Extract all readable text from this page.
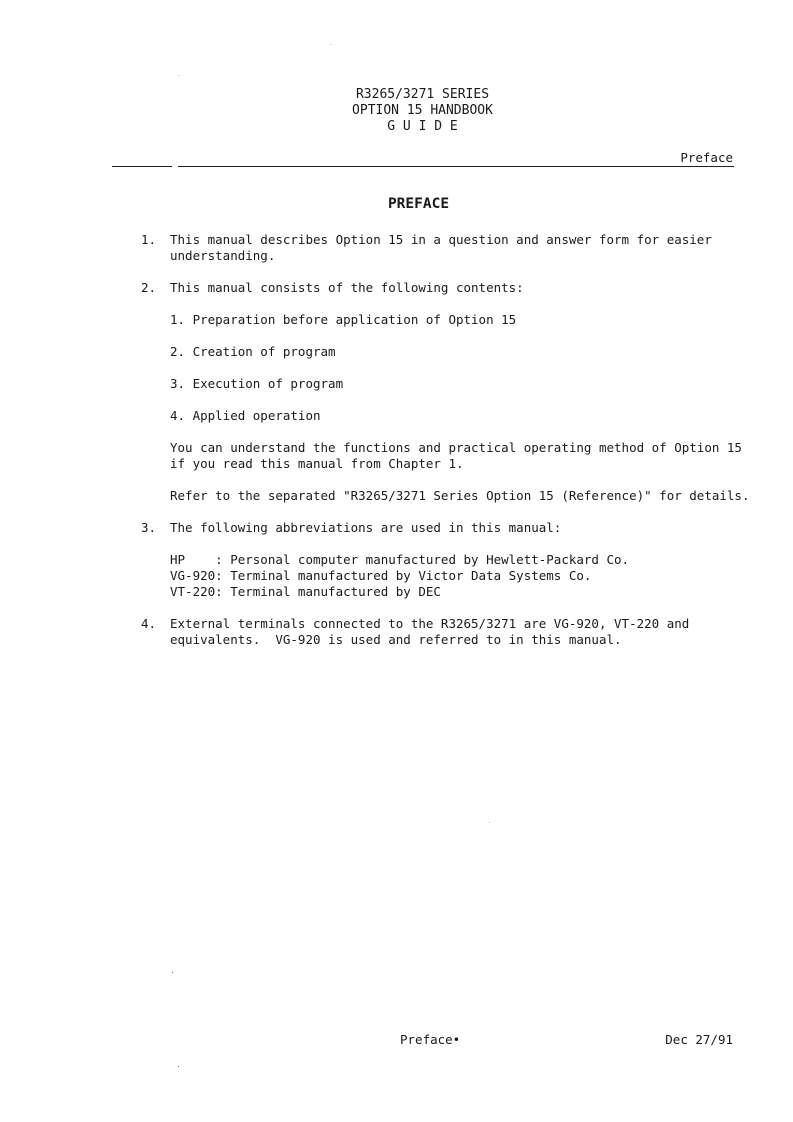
R3265/3271 SERIES
OPTION 15 HANDBOOK
G U I D E
Preface
PREFACE
1. This manual describes Option 15 in a question and answer form for easier
understanding.
2. This manual consists of the following contents:
1. Preparation before application of Option 15
2. Creation of program
3. Execution of program
4. Applied operation
You can understand the functions and practical operating method of Option 15
if you read this manual from Chapter 1.
Refer to the separated "R3265/3271 Series Option 15 (Reference)" for details.
3. The following abbreviations are used in this manual:
HP    : Personal computer manufactured by Hewlett-Packard Co.
VG-920: Terminal manufactured by Victor Data Systems Co.
VT-220: Terminal manufactured by DEC
4. External terminals connected to the R3265/3271 are VG-920, VT-220 and
equivalents.  VG-920 is used and referred to in this manual.
Preface•	Dec 27/91
